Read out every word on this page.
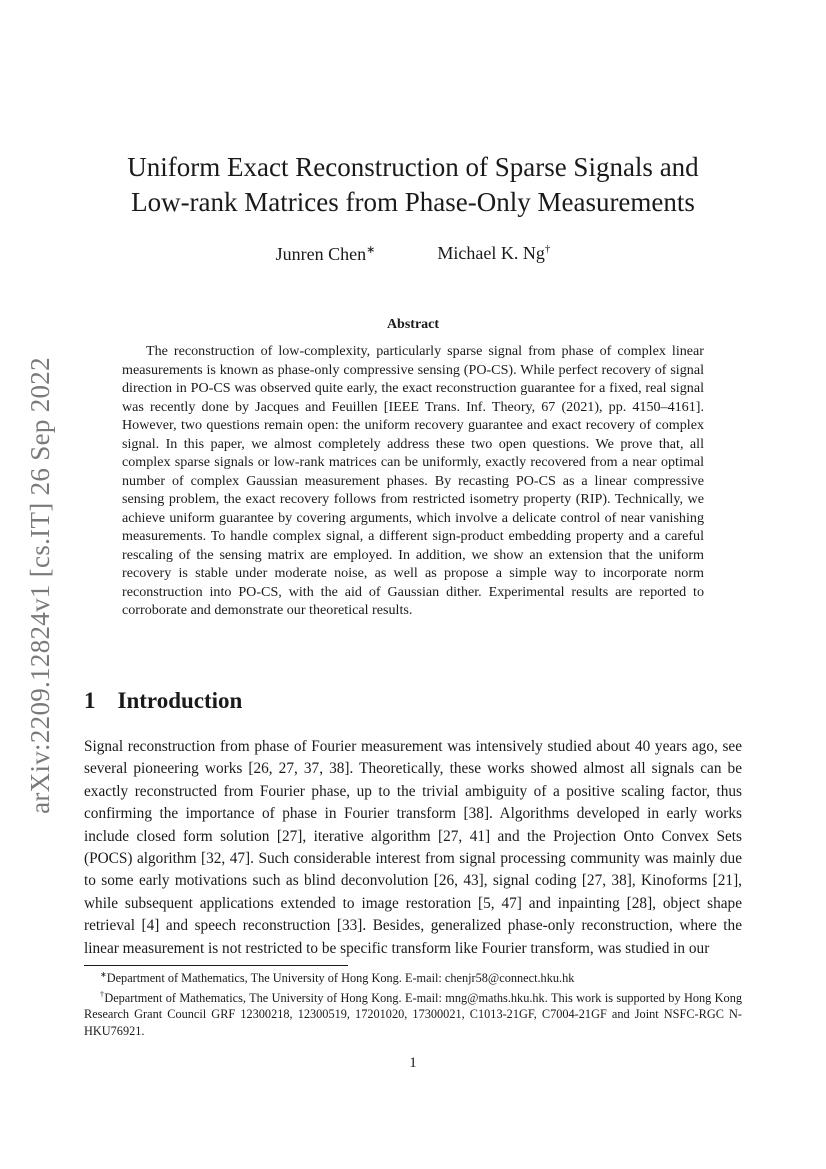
arXiv:2209.12824v1 [cs.IT] 26 Sep 2022
Uniform Exact Reconstruction of Sparse Signals and
Low-rank Matrices from Phase-Only Measurements
Junren Chen∗	Michael K. Ng†
Abstract

The reconstruction of low-complexity, particularly sparse signal from phase of complex linear measurements is known as phase-only compressive sensing (PO-CS). While perfect recovery of signal direction in PO-CS was observed quite early, the exact reconstruction guarantee for a fixed, real signal was recently done by Jacques and Feuillen [IEEE Trans. Inf. Theory, 67 (2021), pp. 4150–4161]. However, two questions remain open: the uniform recovery guarantee and exact recovery of complex signal. In this paper, we almost completely address these two open questions. We prove that, all complex sparse signals or low-rank matrices can be uniformly, exactly recovered from a near optimal number of complex Gaussian measurement phases. By recasting PO-CS as a linear compressive sensing problem, the exact recovery follows from restricted isometry property (RIP). Technically, we achieve uniform guarantee by covering arguments, which involve a delicate control of near vanishing measurements. To handle complex signal, a different sign-product embedding property and a careful rescaling of the sensing matrix are employed. In addition, we show an extension that the uniform recovery is stable under moderate noise, as well as propose a simple way to incorporate norm reconstruction into PO-CS, with the aid of Gaussian dither. Experimental results are reported to corroborate and demonstrate our theoretical results.

1 Introduction

Signal reconstruction from phase of Fourier measurement was intensively studied about 40 years ago, see several pioneering works [26, 27, 37, 38]. Theoretically, these works showed almost all signals can be exactly reconstructed from Fourier phase, up to the trivial ambiguity of a positive scaling factor, thus confirming the importance of phase in Fourier transform [38]. Algorithms developed in early works include closed form solution [27], iterative algorithm [27, 41] and the Projection Onto Convex Sets (POCS) algorithm [32, 47]. Such considerable interest from signal processing community was mainly due to some early motivations such as blind deconvolution [26, 43], signal coding [27, 38], Kinoforms [21], while subsequent applications extended to image restoration [5, 47] and inpainting [28], object shape retrieval [4] and speech reconstruction [33]. Besides, generalized phase-only reconstruction, where the linear measurement is not restricted to be specific transform like Fourier transform, was studied in our

∗Department of Mathematics, The University of Hong Kong. E-mail: chenjr58@connect.hku.hk

†Department of Mathematics, The University of Hong Kong. E-mail: mng@maths.hku.hk. This work is supported by Hong Kong Research Grant Council GRF 12300218, 12300519, 17201020, 17300021, C1013-21GF, C7004-21GF and Joint NSFC-RGC N-HKU76921.

1
